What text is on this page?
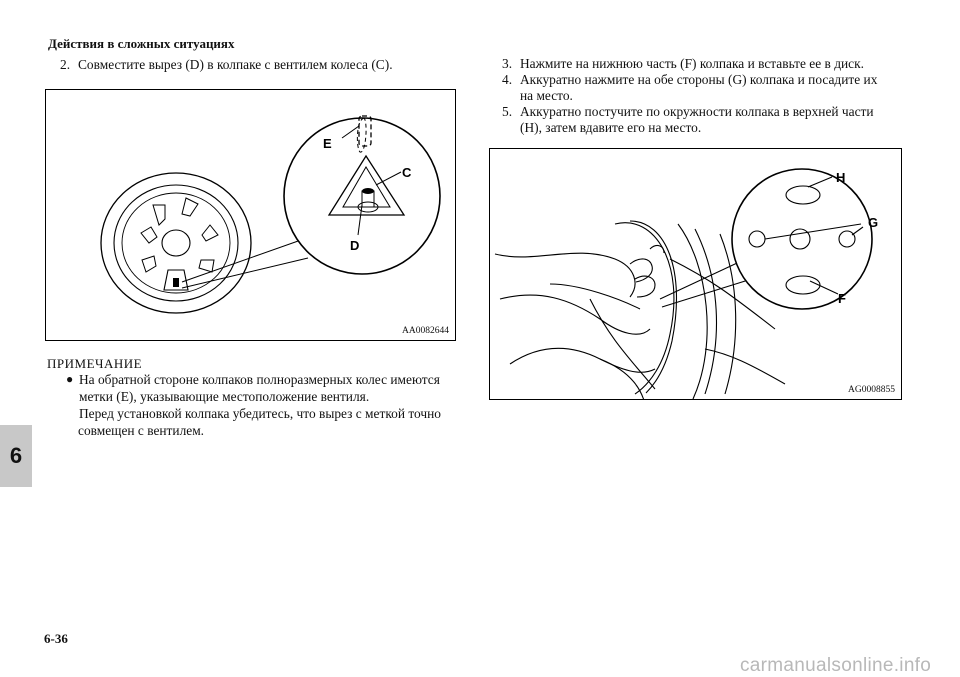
Действия в сложных ситуациях
2. Совместите вырез (D) в колпаке с вентилем колеса (C).
E
C
D
AA0082644
ПРИМЕЧАНИЕ
● На обратной стороне колпаков полноразмерных колес имеются
метки (E), указывающие местоположение вентиля.
Перед установкой колпака убедитесь, что вырез с меткой точно
совмещен с вентилем.
3. Нажмите на нижнюю часть (F) колпака и вставьте ее в диск.
4. Аккуратно нажмите на обе стороны (G) колпака и посадите их
на место.
5. Аккуратно постучите по окружности колпака в верхней части
(H), затем вдавите его на место.
H
G
F
AG0008855
6
6-36
carmanualsonline.info
